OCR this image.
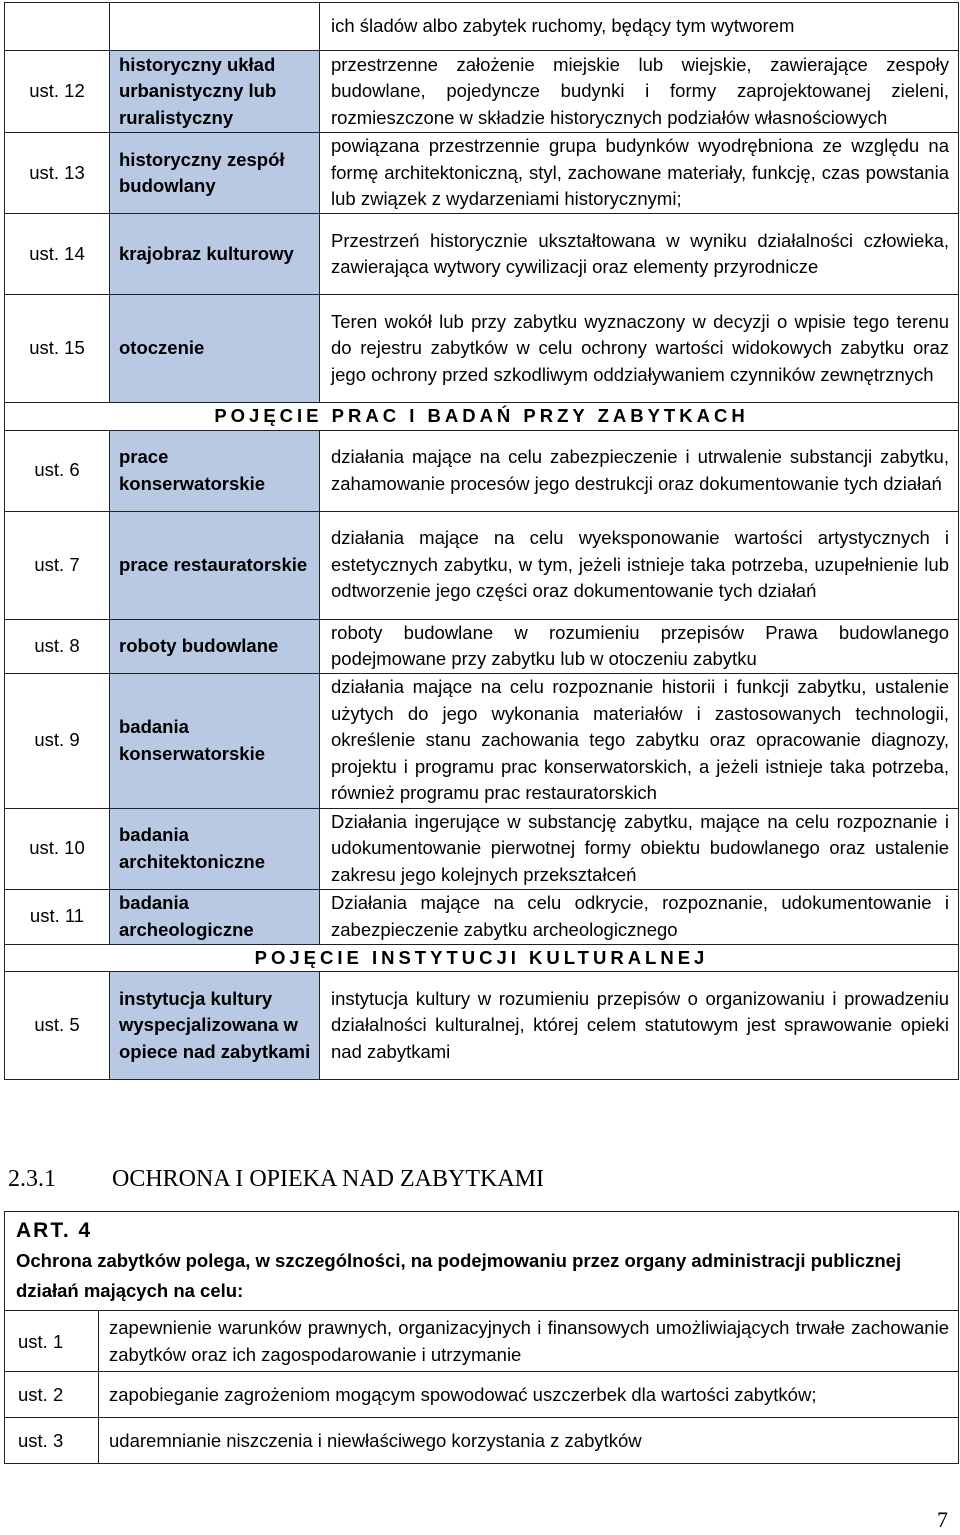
		ich śladów albo zabytek ruchomy, będący tym wytworem
ust. 12	historyczny układ urbanistyczny lub ruralistyczny	przestrzenne założenie miejskie lub wiejskie, zawierające zespoły budowlane, pojedyncze budynki i formy zaprojektowanej zieleni, rozmieszczone w składzie historycznych podziałów własnościowych
ust. 13	historyczny zespół budowlany	powiązana przestrzennie grupa budynków wyodrębniona ze względu na formę architektoniczną, styl, zachowane materiały, funkcję, czas powstania lub związek z wydarzeniami historycznymi;
ust. 14	krajobraz kulturowy	Przestrzeń historycznie ukształtowana w wyniku działalności człowieka, zawierająca wytwory cywilizacji oraz elementy przyrodnicze
ust. 15	otoczenie	Teren wokół lub przy zabytku wyznaczony w decyzji o wpisie tego terenu do rejestru zabytków w celu ochrony wartości widokowych zabytku oraz jego ochrony przed szkodliwym oddziaływaniem czynników zewnętrznych
POJĘCIE PRAC I BADAŃ PRZY ZABYTKACH		
ust. 6	prace konserwatorskie	działania mające na celu zabezpieczenie i utrwalenie substancji zabytku, zahamowanie procesów jego destrukcji oraz dokumentowanie tych działań
ust. 7	prace restauratorskie	działania mające na celu wyeksponowanie wartości artystycznych i estetycznych zabytku, w tym, jeżeli istnieje taka potrzeba, uzupełnienie lub odtworzenie jego części oraz dokumentowanie tych działań
ust. 8	roboty budowlane	roboty budowlane w rozumieniu przepisów Prawa budowlanego podejmowane przy zabytku lub w otoczeniu zabytku
ust. 9	badania konserwatorskie	działania mające na celu rozpoznanie historii i funkcji zabytku, ustalenie użytych do jego wykonania materiałów i zastosowanych technologii, określenie stanu zachowania tego zabytku oraz opracowanie diagnozy, projektu i programu prac konserwatorskich, a jeżeli istnieje taka potrzeba, również programu prac restauratorskich
ust. 10	badania architektoniczne	Działania ingerujące w substancję zabytku, mające na celu rozpoznanie i udokumentowanie pierwotnej formy obiektu budowlanego oraz ustalenie zakresu jego kolejnych przekształceń
ust. 11	badania archeologiczne	Działania mające na celu odkrycie, rozpoznanie, udokumentowanie i zabezpieczenie zabytku archeologicznego
POJĘCIE INSTYTUCJI KULTURALNEJ		
ust. 5	instytucja kultury wyspecjalizowana w opiece nad zabytkami	instytucja kultury w rozumieniu przepisów o organizowaniu i prowadzeniu działalności kulturalnej, której celem statutowym jest sprawowanie opieki nad zabytkami
2.3.1 OCHRONA I OPIEKA NAD ZABYTKAMI
ART. 4
Ochrona zabytków polega, w szczególności, na podejmowaniu przez organy administracji publicznej działań mających na celu:	

ust. 1	zapewnienie warunków prawnych, organizacyjnych i finansowych umożliwiających trwałe zachowanie zabytków oraz ich zagospodarowanie i utrzymanie
ust. 2	zapobieganie zagrożeniom mogącym spowodować uszczerbek dla wartości zabytków;
ust. 3	udaremnianie niszczenia i niewłaściwego korzystania z zabytków
7
